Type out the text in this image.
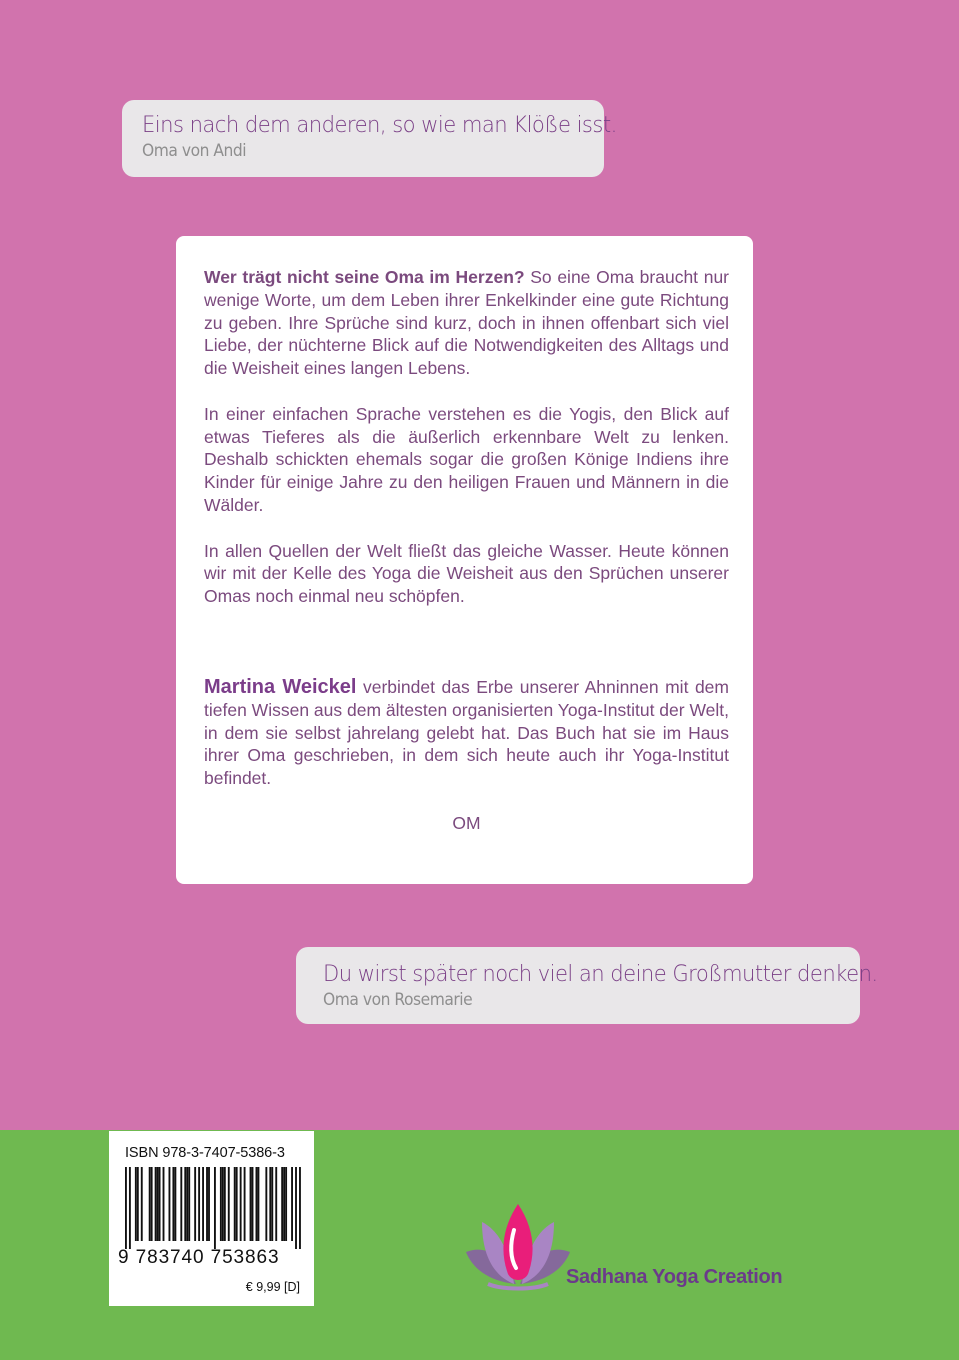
Eins nach dem anderen, so wie man Klöße isst.
Oma von Andi

Wer trägt nicht seine Oma im Herzen? So eine Oma braucht nur wenige Worte, um dem Leben ihrer Enkelkinder eine gute Richtung zu geben. Ihre Sprüche sind kurz, doch in ihnen offenbart sich viel Liebe, der nüchterne Blick auf die Notwendigkeiten des Alltags und die Weisheit eines langen Lebens.

In einer einfachen Sprache verstehen es die Yogis, den Blick auf etwas Tieferes als die äußerlich erkennbare Welt zu lenken. Deshalb schickten ehemals sogar die großen Könige Indiens ihre Kinder für einige Jahre zu den heiligen Frauen und Männern in die Wälder.

In allen Quellen der Welt fließt das gleiche Wasser. Heute können wir mit der Kelle des Yoga die Weisheit aus den Sprüchen unserer Omas noch einmal neu schöpfen.

Martina Weickel verbindet das Erbe unserer Ahninnen mit dem tiefen Wissen aus dem ältesten organisierten Yoga-Institut der Welt, in dem sie selbst jahrelang gelebt hat. Das Buch hat sie im Haus ihrer Oma geschrieben, in dem sich heute auch ihr Yoga-Institut befindet.

OM

Du wirst später noch viel an deine Großmutter denken.
Oma von Rosemarie
ISBN 978-3-7407-5386-3
9 783740 753863
€ 9,99 [D]	Sadhana Yoga Creation
